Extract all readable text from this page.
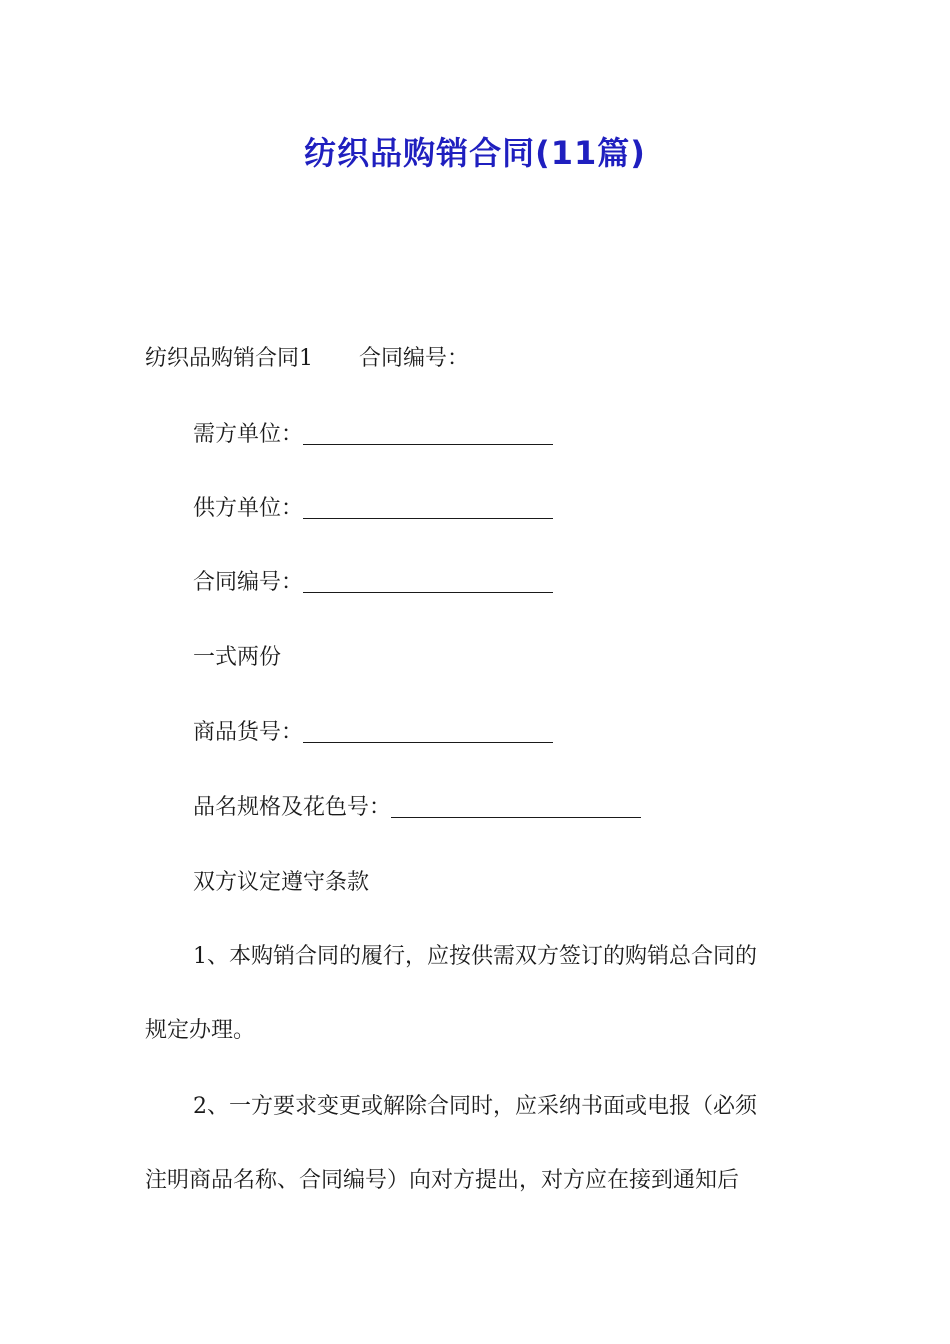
纺织品购销合同(11篇)

纺织品购销合同1 合同编号：

需方单位：

供方单位：

合同编号：

一式两份

商品货号：

品名规格及花色号：

双方议定遵守条款

1、本购销合同的履行，应按供需双方签订的购销总合同的

规定办理。

2、一方要求变更或解除合同时，应采纳书面或电报（必须

注明商品名称、合同编号）向对方提出，对方应在接到通知后
